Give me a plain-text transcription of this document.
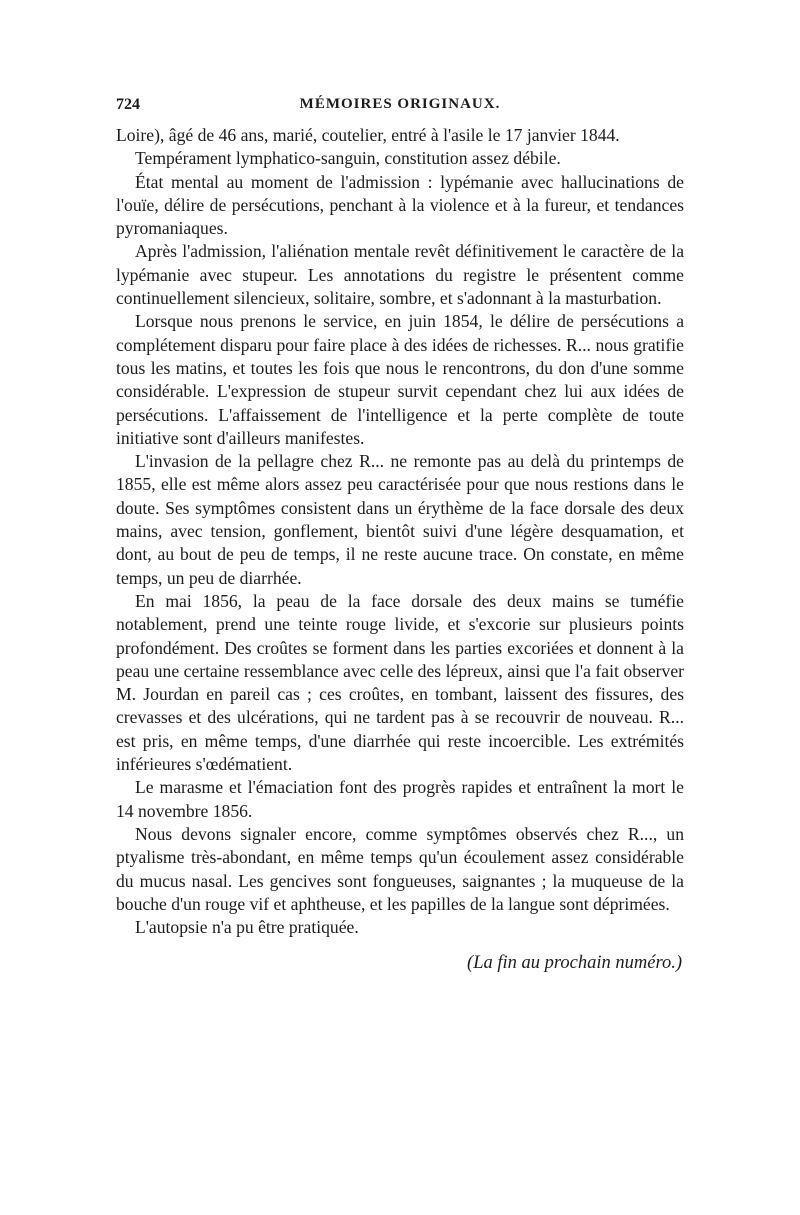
724	MÉMOIRES ORIGINAUX.

Loire), âgé de 46 ans, marié, coutelier, entré à l'asile le 17 janvier 1844.

Tempérament lymphatico-sanguin, constitution assez débile.

État mental au moment de l'admission : lypémanie avec hallucinations de l'ouïe, délire de persécutions, penchant à la violence et à la fureur, et tendances pyromaniaques.

Après l'admission, l'aliénation mentale revêt définitivement le caractère de la lypémanie avec stupeur. Les annotations du registre le présentent comme continuellement silencieux, solitaire, sombre, et s'adonnant à la masturbation.

Lorsque nous prenons le service, en juin 1854, le délire de persécutions a complétement disparu pour faire place à des idées de richesses. R... nous gratifie tous les matins, et toutes les fois que nous le rencontrons, du don d'une somme considérable. L'expression de stupeur survit cependant chez lui aux idées de persécutions. L'affaissement de l'intelligence et la perte complète de toute initiative sont d'ailleurs manifestes.

L'invasion de la pellagre chez R... ne remonte pas au delà du printemps de 1855, elle est même alors assez peu caractérisée pour que nous restions dans le doute. Ses symptômes consistent dans un érythème de la face dorsale des deux mains, avec tension, gonflement, bientôt suivi d'une légère desquamation, et dont, au bout de peu de temps, il ne reste aucune trace. On constate, en même temps, un peu de diarrhée.

En mai 1856, la peau de la face dorsale des deux mains se tuméfie notablement, prend une teinte rouge livide, et s'excorie sur plusieurs points profondément. Des croûtes se forment dans les parties excoriées et donnent à la peau une certaine ressemblance avec celle des lépreux, ainsi que l'a fait observer M. Jourdan en pareil cas ; ces croûtes, en tombant, laissent des fissures, des crevasses et des ulcérations, qui ne tardent pas à se recouvrir de nouveau. R... est pris, en même temps, d'une diarrhée qui reste incoercible. Les extrémités inférieures s'œdématient.

Le marasme et l'émaciation font des progrès rapides et entraînent la mort le 14 novembre 1856.

Nous devons signaler encore, comme symptômes observés chez R..., un ptyalisme très-abondant, en même temps qu'un écoulement assez considérable du mucus nasal. Les gencives sont fongueuses, saignantes ; la muqueuse de la bouche d'un rouge vif et aphtheuse, et les papilles de la langue sont déprimées.

L'autopsie n'a pu être pratiquée.

(La fin au prochain numéro.)
